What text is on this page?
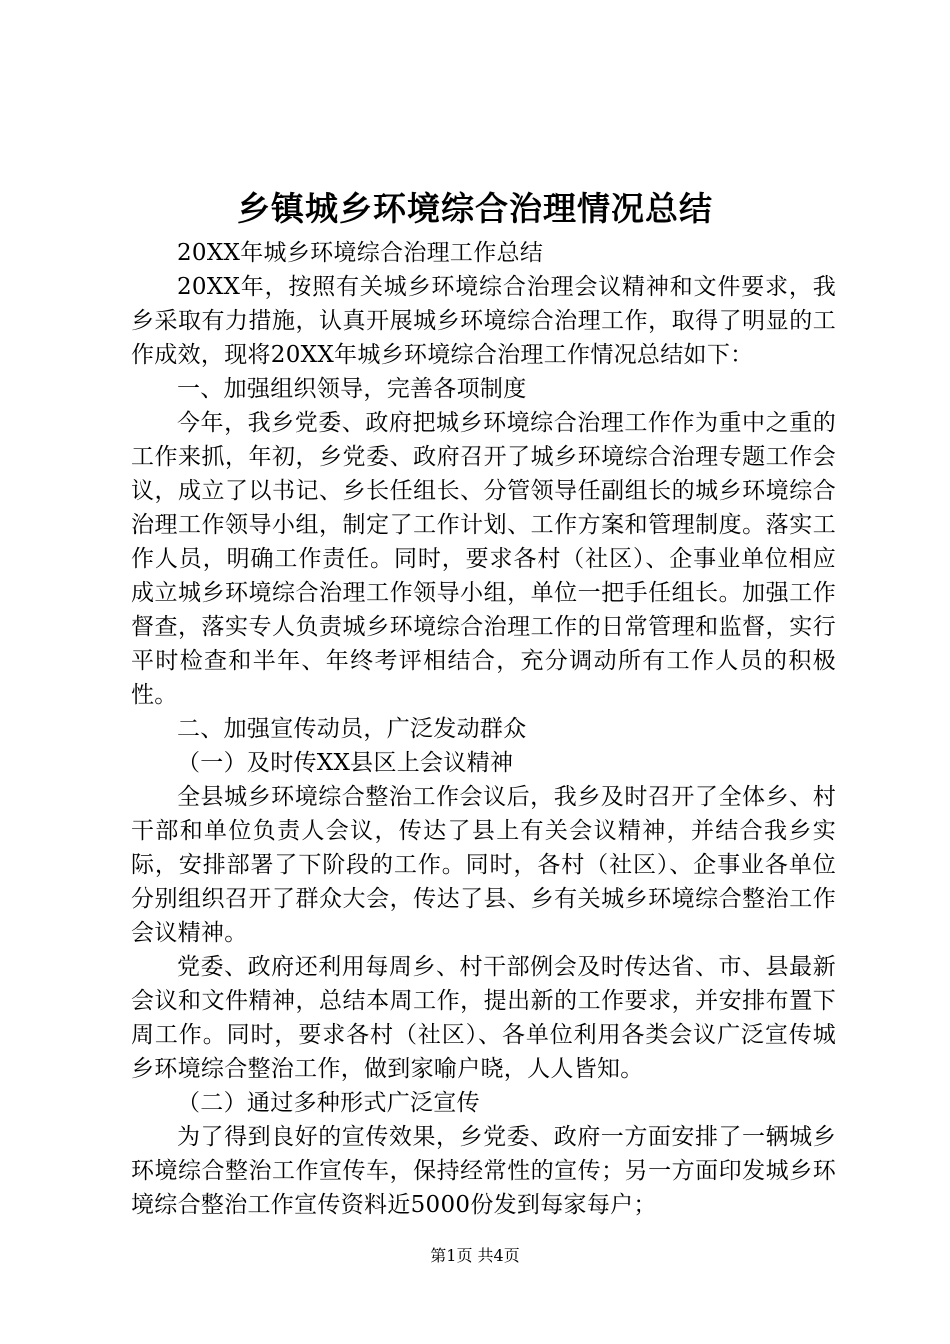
乡镇城乡环境综合治理情况总结

20XX年城乡环境综合治理工作总结

20XX年，按照有关城乡环境综合治理会议精神和文件要求，我乡采取有力措施，认真开展城乡环境综合治理工作，取得了明显的工作成效，现将20XX年城乡环境综合治理工作情况总结如下：

一、加强组织领导，完善各项制度

今年，我乡党委、政府把城乡环境综合治理工作作为重中之重的工作来抓，年初，乡党委、政府召开了城乡环境综合治理专题工作会议，成立了以书记、乡长任组长、分管领导任副组长的城乡环境综合治理工作领导小组，制定了工作计划、工作方案和管理制度。落实工作人员，明确工作责任。同时，要求各村（社区）、企事业单位相应成立城乡环境综合治理工作领导小组，单位一把手任组长。加强工作督查，落实专人负责城乡环境综合治理工作的日常管理和监督，实行平时检查和半年、年终考评相结合，充分调动所有工作人员的积极性。

二、加强宣传动员，广泛发动群众

（一）及时传XX县区上会议精神

全县城乡环境综合整治工作会议后，我乡及时召开了全体乡、村干部和单位负责人会议，传达了县上有关会议精神，并结合我乡实际，安排部署了下阶段的工作。同时，各村（社区）、企事业各单位分别组织召开了群众大会，传达了县、乡有关城乡环境综合整治工作会议精神。

党委、政府还利用每周乡、村干部例会及时传达省、市、县最新会议和文件精神，总结本周工作，提出新的工作要求，并安排布置下周工作。同时，要求各村（社区）、各单位利用各类会议广泛宣传城乡环境综合整治工作，做到家喻户晓，人人皆知。

（二）通过多种形式广泛宣传

为了得到良好的宣传效果，乡党委、政府一方面安排了一辆城乡环境综合整治工作宣传车，保持经常性的宣传；另一方面印发城乡环境综合整治工作宣传资料近5000份发到每家每户；

第1页 共4页
